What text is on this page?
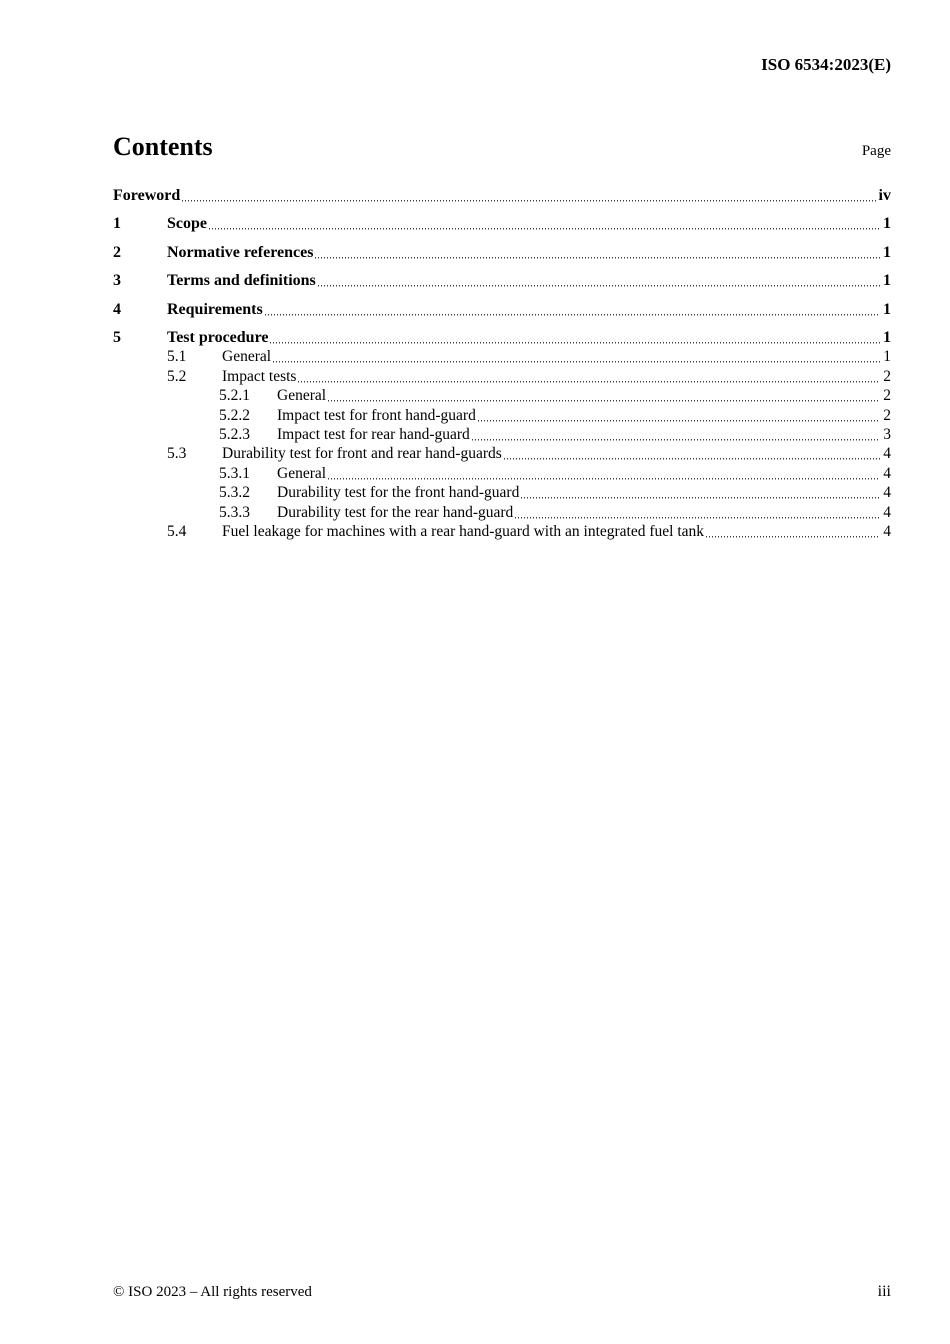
ISO 6534:2023(E)
Contents	Page
Foreword	iv
1	Scope	1
2	Normative references	1
3	Terms and definitions	1
4	Requirements	1
5	Test procedure	1
5.1	General	1
5.2	Impact tests	2
5.2.1	General	2
5.2.2	Impact test for front hand-guard	2
5.2.3	Impact test for rear hand-guard	3
5.3	Durability test for front and rear hand-guards	4
5.3.1	General	4
5.3.2	Durability test for the front hand-guard	4
5.3.3	Durability test for the rear hand-guard	4
5.4	Fuel leakage for machines with a rear hand-guard with an integrated fuel tank	4
© ISO 2023 – All rights reserved	iii
